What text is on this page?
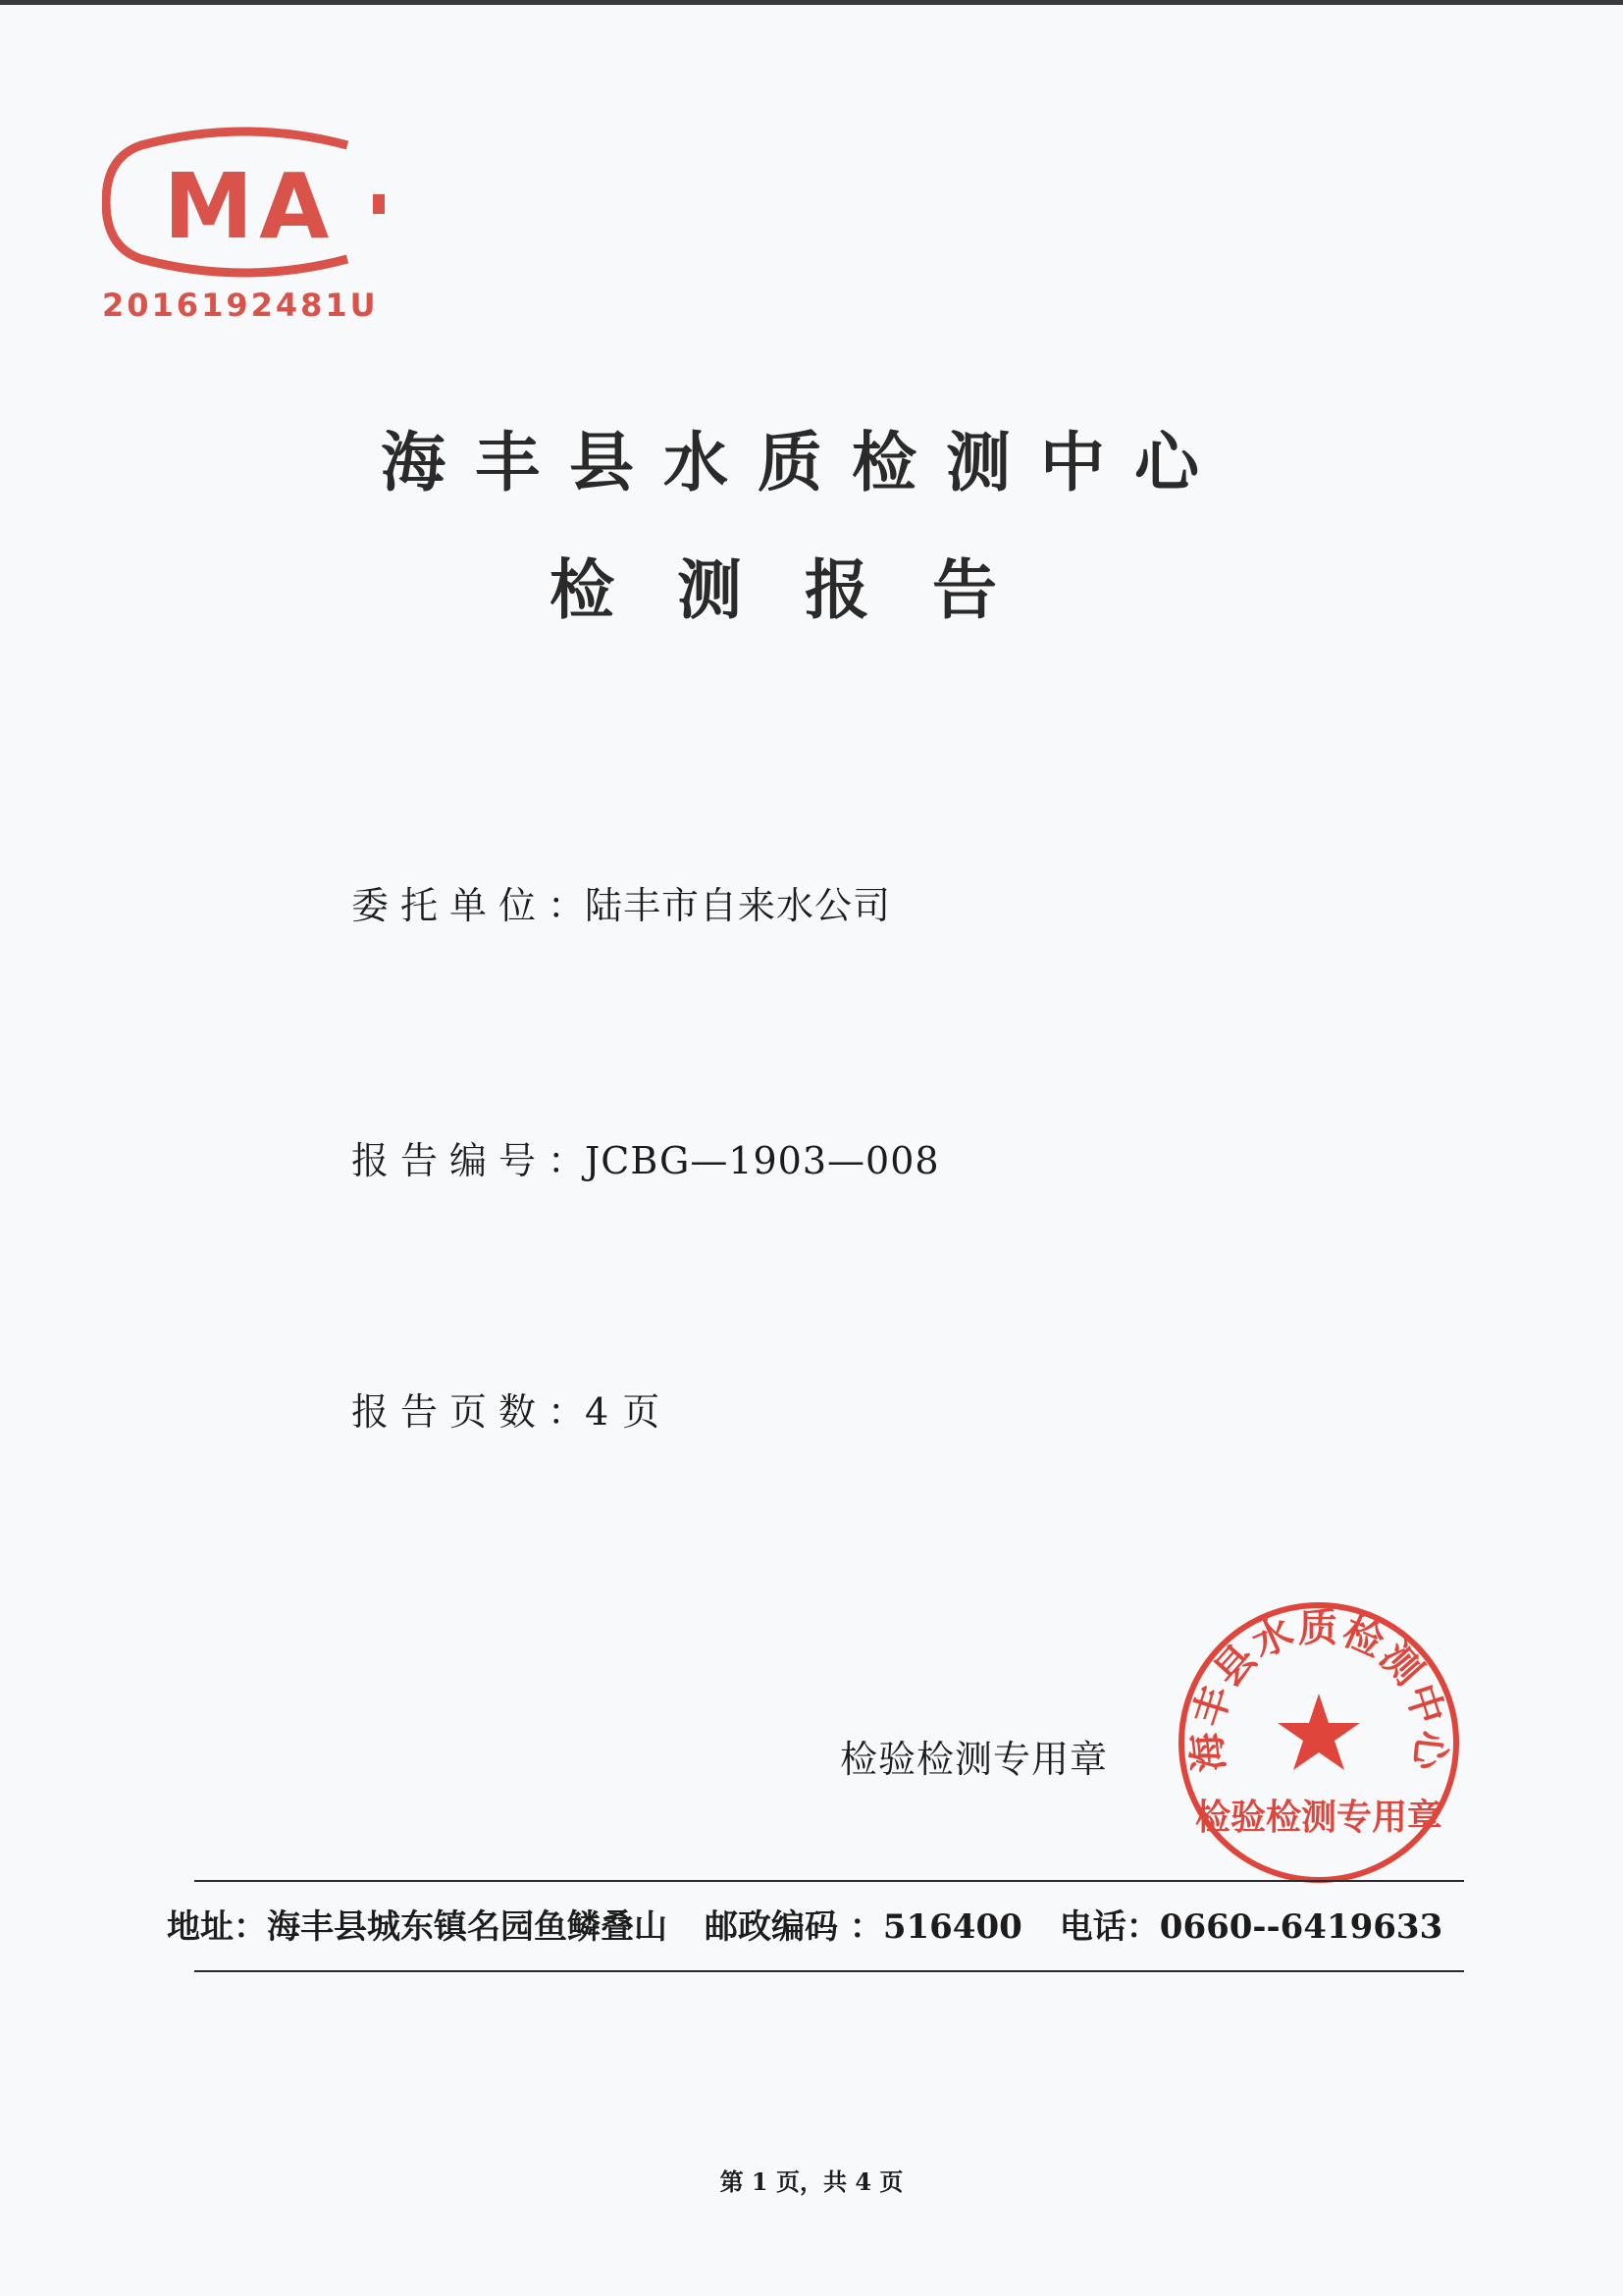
MA
2016192481U
海丰县水质检测中心
检测报告
委托单位：陆丰市自来水公司
报告编号：JCBG—1903—008
报告页数：4 页
检验检测专用章 海丰县水质检测中心
检验检测专用章
地址：海丰县城东镇名园鱼鳞叠山 邮政编码 ：516400 电话：0660--6419633
第 1 页，共 4 页
